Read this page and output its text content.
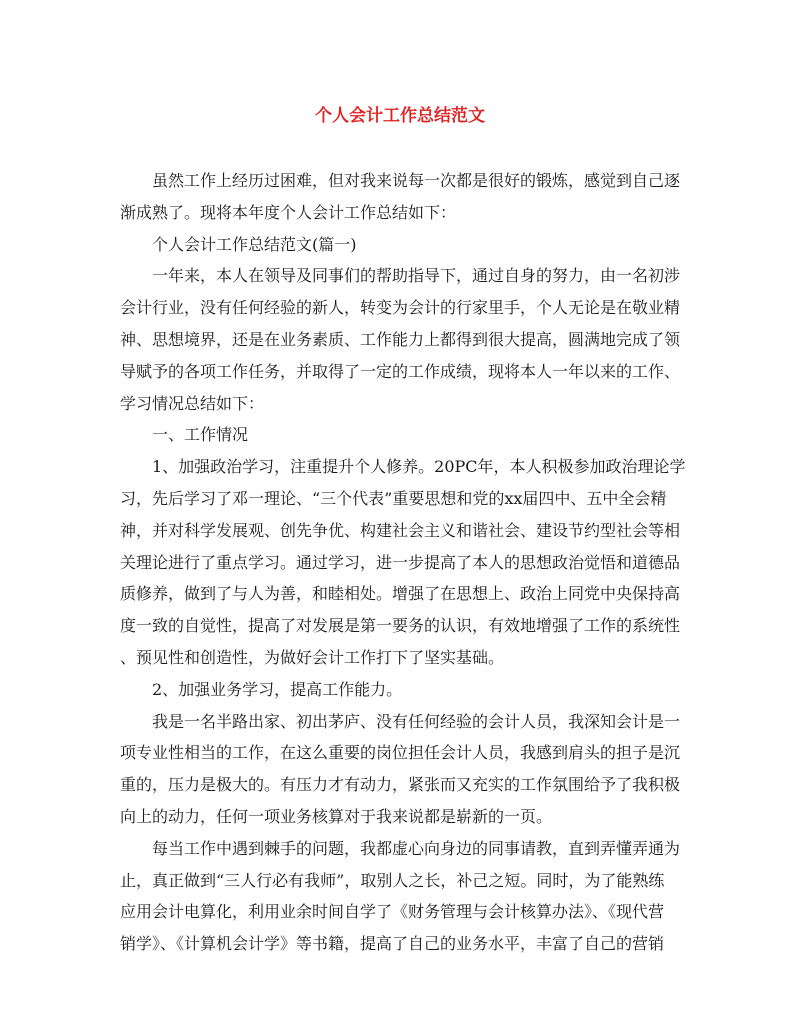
个人会计工作总结范文
虽然工作上经历过困难，但对我来说每一次都是很好的锻炼，感觉到自己逐
渐成熟了。现将本年度个人会计工作总结如下：
个人会计工作总结范文(篇一)
一年来，本人在领导及同事们的帮助指导下，通过自身的努力，由一名初涉
会计行业，没有任何经验的新人，转变为会计的行家里手，个人无论是在敬业精
神、思想境界，还是在业务素质、工作能力上都得到很大提高，圆满地完成了领
导赋予的各项工作任务，并取得了一定的工作成绩，现将本人一年以来的工作、
学习情况总结如下：
一、工作情况
1、加强政治学习，注重提升个人修养。20PC年，本人积极参加政治理论学
习，先后学习了邓一理论、“三个代表”重要思想和党的xx届四中、五中全会精
神，并对科学发展观、创先争优、构建社会主义和谐社会、建设节约型社会等相
关理论进行了重点学习。通过学习，进一步提高了本人的思想政治觉悟和道德品
质修养，做到了与人为善，和睦相处。增强了在思想上、政治上同党中央保持高
度一致的自觉性，提高了对发展是第一要务的认识，有效地增强了工作的系统性
、预见性和创造性，为做好会计工作打下了坚实基础。
2、加强业务学习，提高工作能力。
我是一名半路出家、初出茅庐、没有任何经验的会计人员，我深知会计是一
项专业性相当的工作，在这么重要的岗位担任会计人员，我感到肩头的担子是沉
重的，压力是极大的。有压力才有动力，紧张而又充实的工作氛围给予了我积极
向上的动力，任何一项业务核算对于我来说都是崭新的一页。
每当工作中遇到棘手的问题，我都虚心向身边的同事请教，直到弄懂弄通为
止，真正做到“三人行必有我师”，取别人之长，补己之短。同时，为了能熟练
应用会计电算化，利用业余时间自学了《财务管理与会计核算办法》、《现代营
销学》、《计算机会计学》等书籍，提高了自己的业务水平，丰富了自己的营销
